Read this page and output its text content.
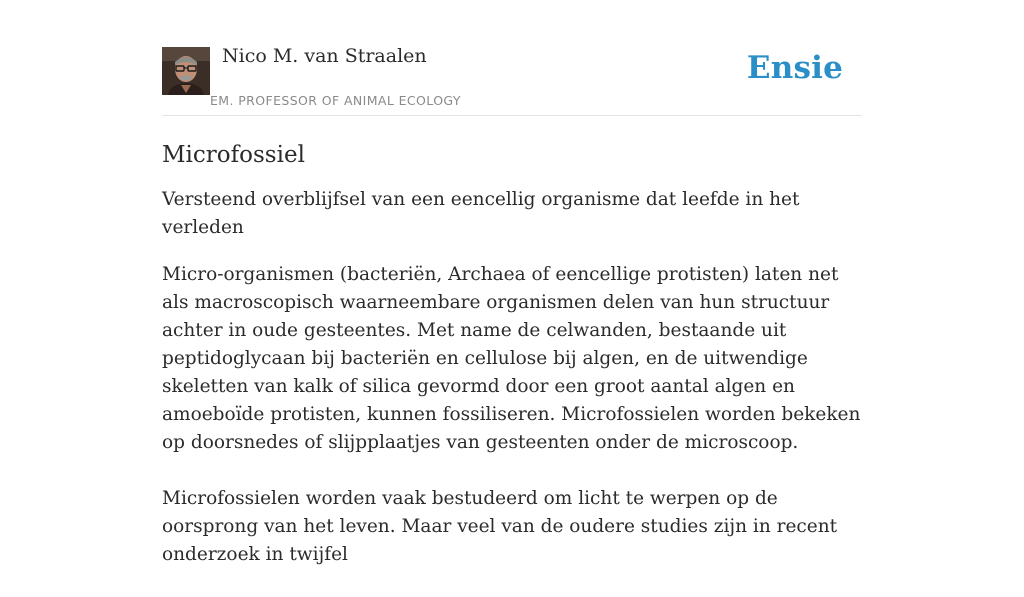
Nico M. van Straalen
EM. PROFESSOR OF ANIMAL ECOLOGY
Ensie
Microfossiel

Versteend overblijfsel van een eencellig organisme dat leefde in het verleden

Micro-organismen (bacteriën, Archaea of eencellige protisten) laten net als macroscopisch waarneembare organismen delen van hun structuur achter in oude gesteentes. Met name de celwanden, bestaande uit peptidoglycaan bij bacteriën en cellulose bij algen, en de uitwendige skeletten van kalk of silica gevormd door een groot aantal algen en amoeboïde protisten, kunnen fossiliseren. Microfossielen worden bekeken op doorsnedes of slijpplaatjes van gesteenten onder de microscoop.

Microfossielen worden vaak bestudeerd om licht te werpen op de oorsprong van het leven. Maar veel van de oudere studies zijn in recent onderzoek in twijfel
